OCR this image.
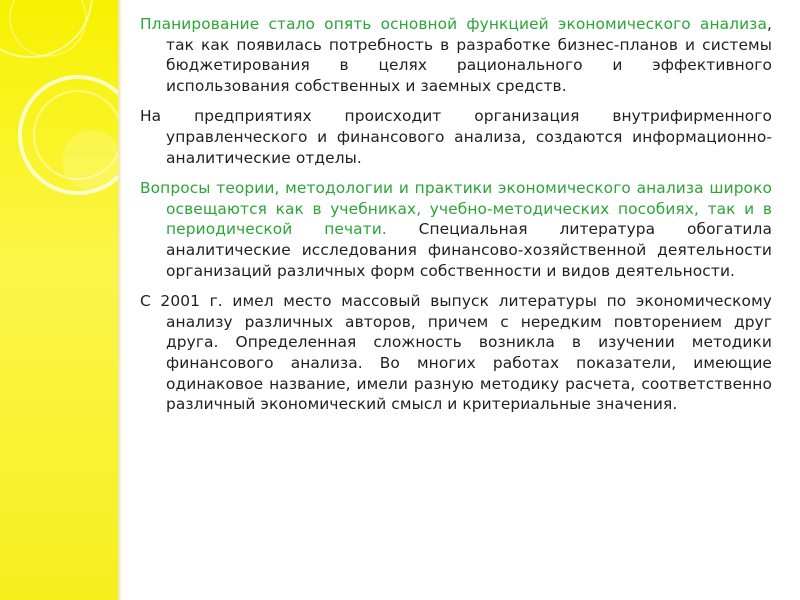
Планирование стало опять основной функцией экономического анализа, так как появилась потребность в разработке бизнес-планов и системы бюджетирования в целях рационального и эффективного использования собственных и заемных средств.

На предприятиях происходит организация внутрифирменного управленческого и финансового анализа, создаются информационно-аналитические отделы.

Вопросы теории, методологии и практики экономического анализа широко освещаются как в учебниках, учебно-методических пособиях, так и в периодической печати. Специальная литература обогатила аналитические исследования финансово-хозяйственной деятельности организаций различных форм собственности и видов деятельности.

С 2001 г. имел место массовый выпуск литературы по экономическому анализу различных авторов, причем с нередким повторением друг друга. Определенная сложность возникла в изучении методики финансового анализа. Во многих работах показатели, имеющие одинаковое название, имели разную методику расчета, соответственно различный экономический смысл и критериальные значения.
